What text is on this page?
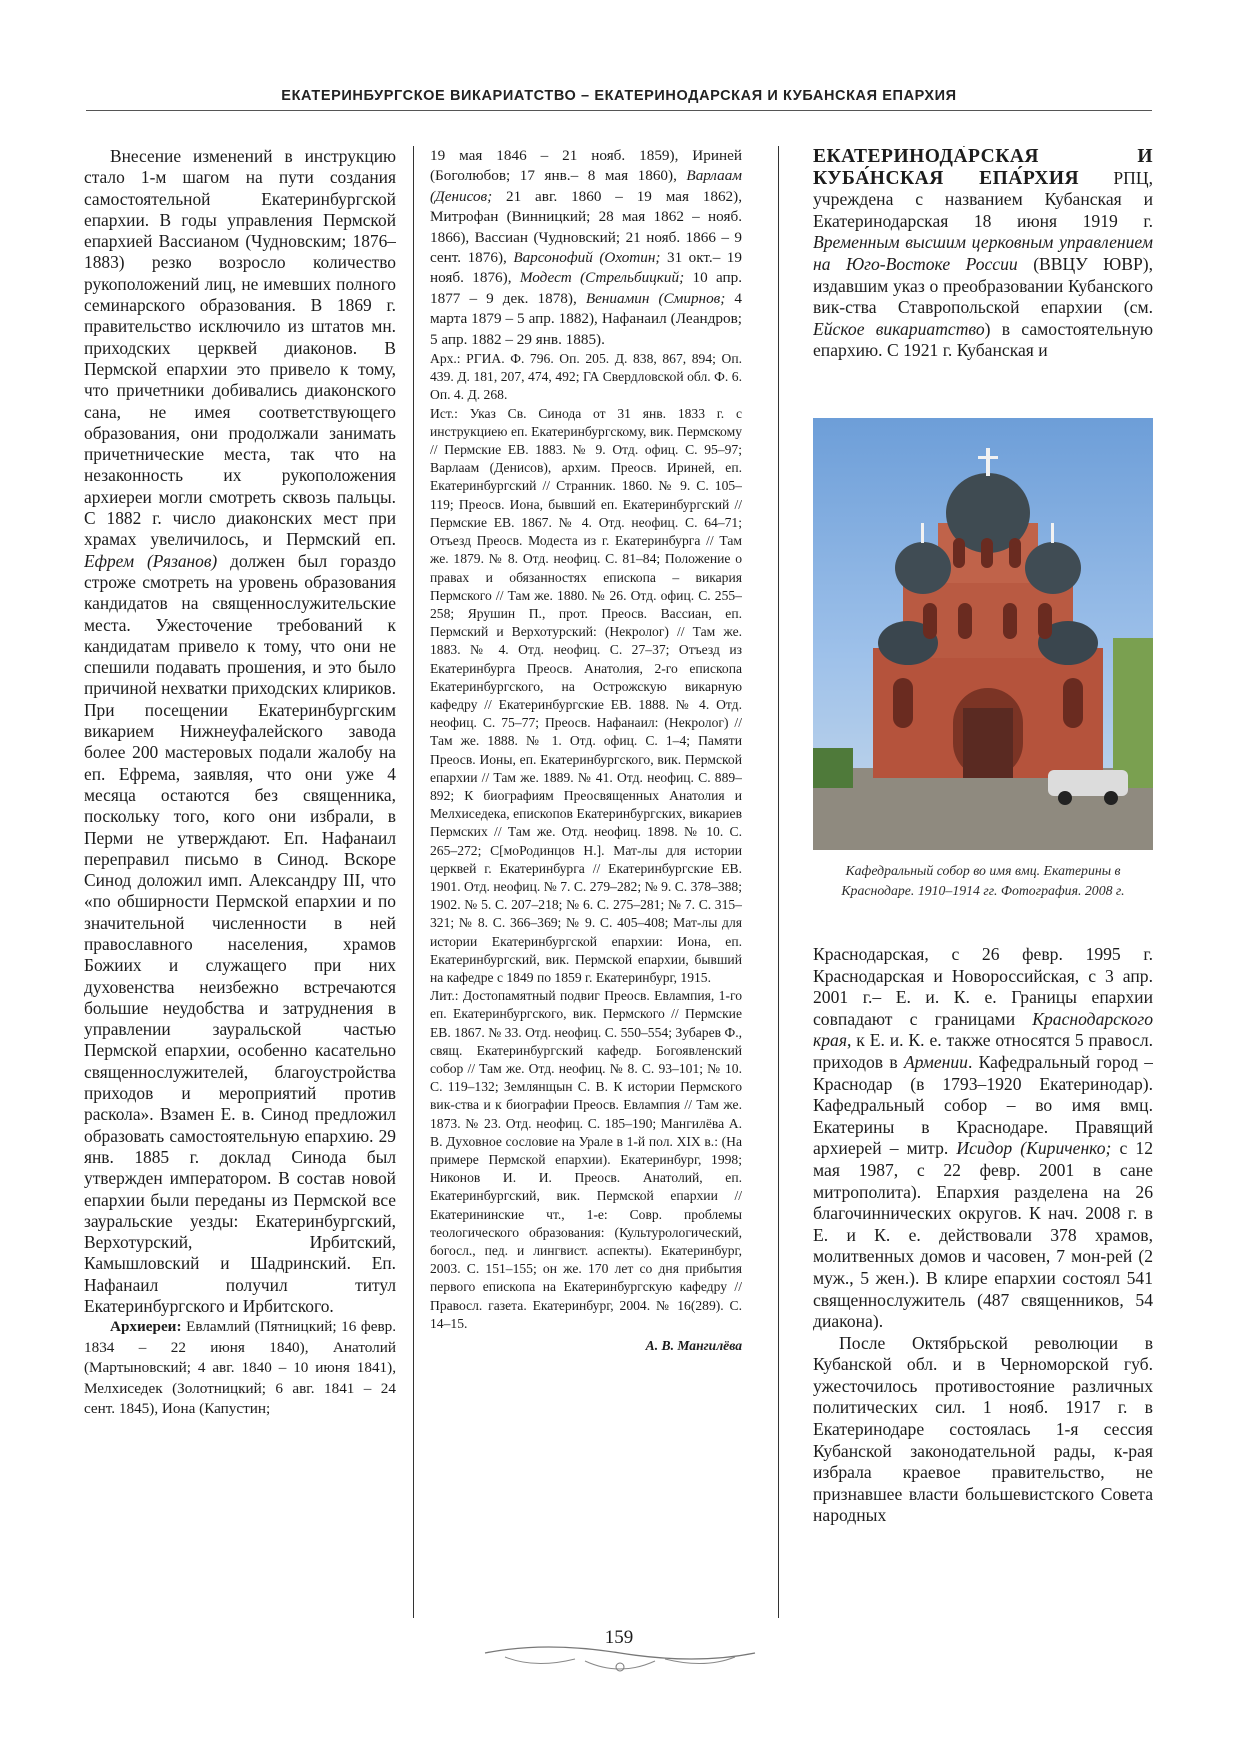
ЕКАТЕРИНБУРГСКОЕ ВИКАРИАТСТВО – ЕКАТЕРИНОДАРСКАЯ И КУБАНСКАЯ ЕПАРХИЯ

Внесение изменений в инструкцию стало 1-м шагом на пути создания самостоятельной Екатеринбургской епархии. В годы управления Пермской епархией Вассианом (Чудновским; 1876–1883) резко возросло количество рукоположений лиц, не имевших полного семинарского образования. В 1869 г. правительство исключило из штатов мн. приходских церквей диаконов. В Пермской епархии это привело к тому, что причетники добивались диаконского сана, не имея соответствующего образования, они продолжали занимать причетнические места, так что на незаконность их рукоположения архиереи могли смотреть сквозь пальцы. С 1882 г. число диаконских мест при храмах увеличилось, и Пермский еп. Ефрем (Рязанов) должен был гораздо строже смотреть на уровень образования кандидатов на священнослужительские места. Ужесточение требований к кандидатам привело к тому, что они не спешили подавать прошения, и это было причиной нехватки приходских клириков. При посещении Екатеринбургским викарием Нижнеуфалейского завода более 200 мастеровых подали жалобу на еп. Ефрема, заявляя, что они уже 4 месяца остаются без священника, поскольку того, кого они избрали, в Перми не утверждают. Еп. Нафанаил переправил письмо в Синод. Вскоре Синод доложил имп. Александру III, что «по обширности Пермской епархии и по значительной численности в ней православного населения, храмов Божиих и служащего при них духовенства неизбежно встречаются большие неудобства и затруднения в управлении зауральской частью Пермской епархии, особенно касательно священнослужителей, благоустройства приходов и мероприятий против раскола». Взамен Е. в. Синод предложил образовать самостоятельную епархию. 29 янв. 1885 г. доклад Синода был утвержден императором. В состав новой епархии были переданы из Пермской все зауральские уезды: Екатеринбургский, Верхотурский, Ирбитский, Камышловский и Шадринский. Еп. Нафанаил получил титул Екатеринбургского и Ирбитского.

Архиереи: Евламлий (Пятницкий; 16 февр. 1834 – 22 июня 1840), Анатолий (Мартыновский; 4 авг. 1840 – 10 июня 1841), Мелхиседек (Золотницкий; 6 авг. 1841 – 24 сент. 1845), Иона (Капустин;

19 мая 1846 – 21 нояб. 1859), Ириней (Боголюбов; 17 янв.– 8 мая 1860), Варлаам (Денисов; 21 авг. 1860 – 19 мая 1862), Митрофан (Винницкий; 28 мая 1862 – нояб. 1866), Вассиан (Чудновский; 21 нояб. 1866 – 9 сент. 1876), Варсонофий (Охотин; 31 окт.– 19 нояб. 1876), Модест (Стрельбицкий; 10 апр. 1877 – 9 дек. 1878), Вениамин (Смирнов; 4 марта 1879 – 5 апр. 1882), Нафанаил (Леандров; 5 апр. 1882 – 29 янв. 1885).

Арх.: РГИА. Ф. 796. Оп. 205. Д. 838, 867, 894; Оп. 439. Д. 181, 207, 474, 492; ГА Свердловской обл. Ф. 6. Оп. 4. Д. 268.

Ист.: Указ Св. Синода от 31 янв. 1833 г. с инструкциею еп. Екатеринбургскому, вик. Пермскому // Пермские ЕВ. 1883. № 9. Отд. офиц. С. 95–97; Варлаам (Денисов), архим. Преосв. Ириней, еп. Екатеринбургский // Странник. 1860. № 9. С. 105–119; Преосв. Иона, бывший еп. Екатеринбургский // Пермские ЕВ. 1867. № 4. Отд. неофиц. С. 64–71; Отъезд Преосв. Модеста из г. Екатеринбурга // Там же. 1879. № 8. Отд. неофиц. С. 81–84; Положение о правах и обязанностях епископа – викария Пермского // Там же. 1880. № 26. Отд. офиц. С. 255–258; Ярушин П., прот. Преосв. Вассиан, еп. Пермский и Верхотурский: (Некролог) // Там же. 1883. № 4. Отд. неофиц. С. 27–37; Отъезд из Екатеринбурга Преосв. Анатолия, 2-го епископа Екатеринбургского, на Острожскую викарную кафедру // Екатеринбургские ЕВ. 1888. № 4. Отд. неофиц. С. 75–77; Преосв. Нафанаил: (Некролог) // Там же. 1888. № 1. Отд. офиц. С. 1–4; Памяти Преосв. Ионы, еп. Екатеринбургского, вик. Пермской епархии // Там же. 1889. № 41. Отд. неофиц. С. 889–892; К биографиям Преосвященных Анатолия и Мелхиседека, епископов Екатеринбургских, викариев Пермских // Там же. Отд. неофиц. 1898. № 10. С. 265–272; С[моРодинцов Н.]. Мат-лы для истории церквей г. Екатеринбурга // Екатеринбургские ЕВ. 1901. Отд. неофиц. № 7. С. 279–282; № 9. С. 378–388; 1902. № 5. С. 207–218; № 6. С. 275–281; № 7. С. 315–321; № 8. С. 366–369; № 9. С. 405–408; Мат-лы для истории Екатеринбургской епархии: Иона, еп. Екатеринбургский, вик. Пермской епархии, бывший на кафедре с 1849 по 1859 г. Екатеринбург, 1915.

Лит.: Достопамятный подвиг Преосв. Евлампия, 1-го еп. Екатеринбургского, вик. Пермского // Пермские ЕВ. 1867. № 33. Отд. неофиц. С. 550–554; Зубарев Ф., свящ. Екатеринбургский кафедр. Богоявленский собор // Там же. Отд. неофиц. № 8. С. 93–101; № 10. С. 119–132; Землянщын С. В. К истории Пермского вик-ства и к биографии Преосв. Евлампия // Там же. 1873. № 23. Отд. неофиц. С. 185–190; Мангилёва А. В. Духовное сословие на Урале в 1-й пол. XIX в.: (На примере Пермской епархии). Екатеринбург, 1998; Никонов И. И. Преосв. Анатолий, еп. Екатеринбургский, вик. Пермской епархии // Екатерининские чт., 1-е: Совр. проблемы теологического образования: (Культурологический, богосл., пед. и лингвист. аспекты). Екатеринбург, 2003. С. 151–155; он же. 170 лет со дня прибытия первого епископа на Екатеринбургскую кафедру // Правосл. газета. Екатеринбург, 2004. № 16(289). С. 14–15.

А. В. Мангилёва

ЕКАТЕРИНОДА́РСКАЯ И КУБА́НСКАЯ ЕПА́РХИЯ РПЦ, учреждена с названием Кубанская и Екатеринодарская 18 июня 1919 г. Временным высшим церковным управлением на Юго-Востоке России (ВВЦУ ЮВР), издавшим указ о преобразовании Кубанского вик-ства Ставропольской епархии (см. Ейское викариатство) в самостоятельную епархию. С 1921 г. Кубанская и

Кафедральный собор во имя вмц. Екатерины в Краснодаре. 1910–1914 гг. Фотография. 2008 г.

Краснодарская, с 26 февр. 1995 г. Краснодарская и Новороссийская, с 3 апр. 2001 г.– Е. и. К. е. Границы епархии совпадают с границами Краснодарского края, к Е. и. К. е. также относятся 5 правосл. приходов в Армении. Кафедральный город – Краснодар (в 1793–1920 Екатеринодар). Кафедральный собор – во имя вмц. Екатерины в Краснодаре. Правящий архиерей – митр. Исидор (Кириченко; с 12 мая 1987, с 22 февр. 2001 в сане митрополита). Епархия разделена на 26 благочиннических округов. К нач. 2008 г. в Е. и К. е. действовали 378 храмов, молитвенных домов и часовен, 7 мон-рей (2 муж., 5 жен.). В клире епархии состоял 541 священнослужитель (487 священников, 54 диакона).

После Октябрьской революции в Кубанской обл. и в Черноморской губ. ужесточилось противостояние различных политических сил. 1 нояб. 1917 г. в Екатеринодаре состоялась 1-я сессия Кубанской законодательной рады, к-рая избрала краевое правительство, не признавшее власти большевистского Совета народных

159
